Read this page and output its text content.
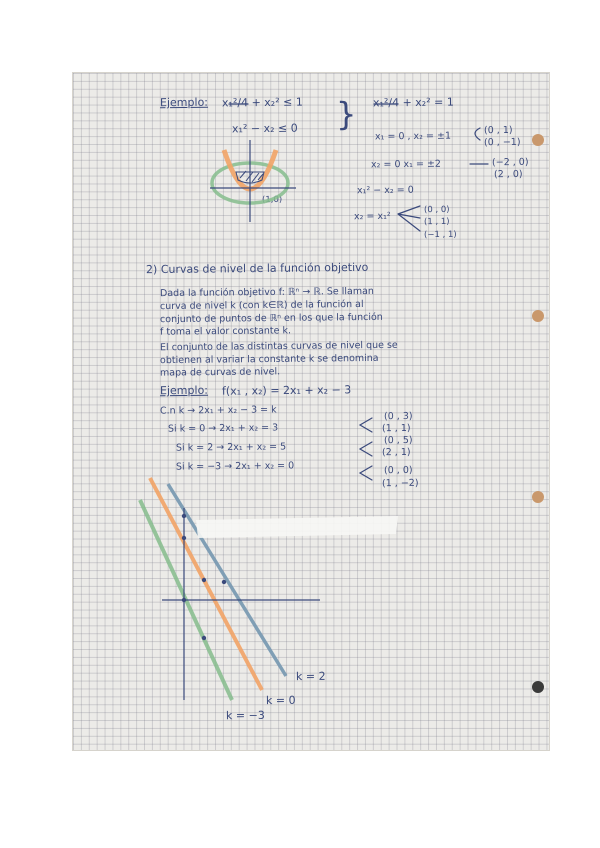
Ejemplo: x₁²/4 + x₂² ≤ 1
x₁² − x₂ ≤ 0 } x₁²/4 + x₂² = 1
x₁ = 0 , x₂ = ±1
(0 , 1)
(0 , −1)
x₂ = 0 x₁ = ±2	(−2 , 0)
(2 , 0)
x₁² − x₂ = 0
x₂ = x₁²
(0 , 0)
(1 , 1)
(−1 , 1)
(1,0)
2) Curvas de nivel de la función objetivo
Dada la función objetivo f: ℝⁿ → ℝ. Se llaman
curva de nivel k (con k∈ℝ) de la función al
conjunto de puntos de ℝⁿ en los que la función
f toma el valor constante k.
El conjunto de las distintas curvas de nivel que se
obtienen al variar la constante k se denomina
mapa de curvas de nivel.
Ejemplo: f(x₁ , x₂) = 2x₁ + x₂ − 3
C.n k → 2x₁ + x₂ − 3 = k
Si k = 0 → 2x₁ + x₂ = 3
Si k = 2 → 2x₁ + x₂ = 5
Si k = −3 → 2x₁ + x₂ = 0
(0 , 3)
(1 , 1)
(0 , 5)
(2 , 1)
(0 , 0)
(1 , −2)
k = 2
k = 0
k = −3
